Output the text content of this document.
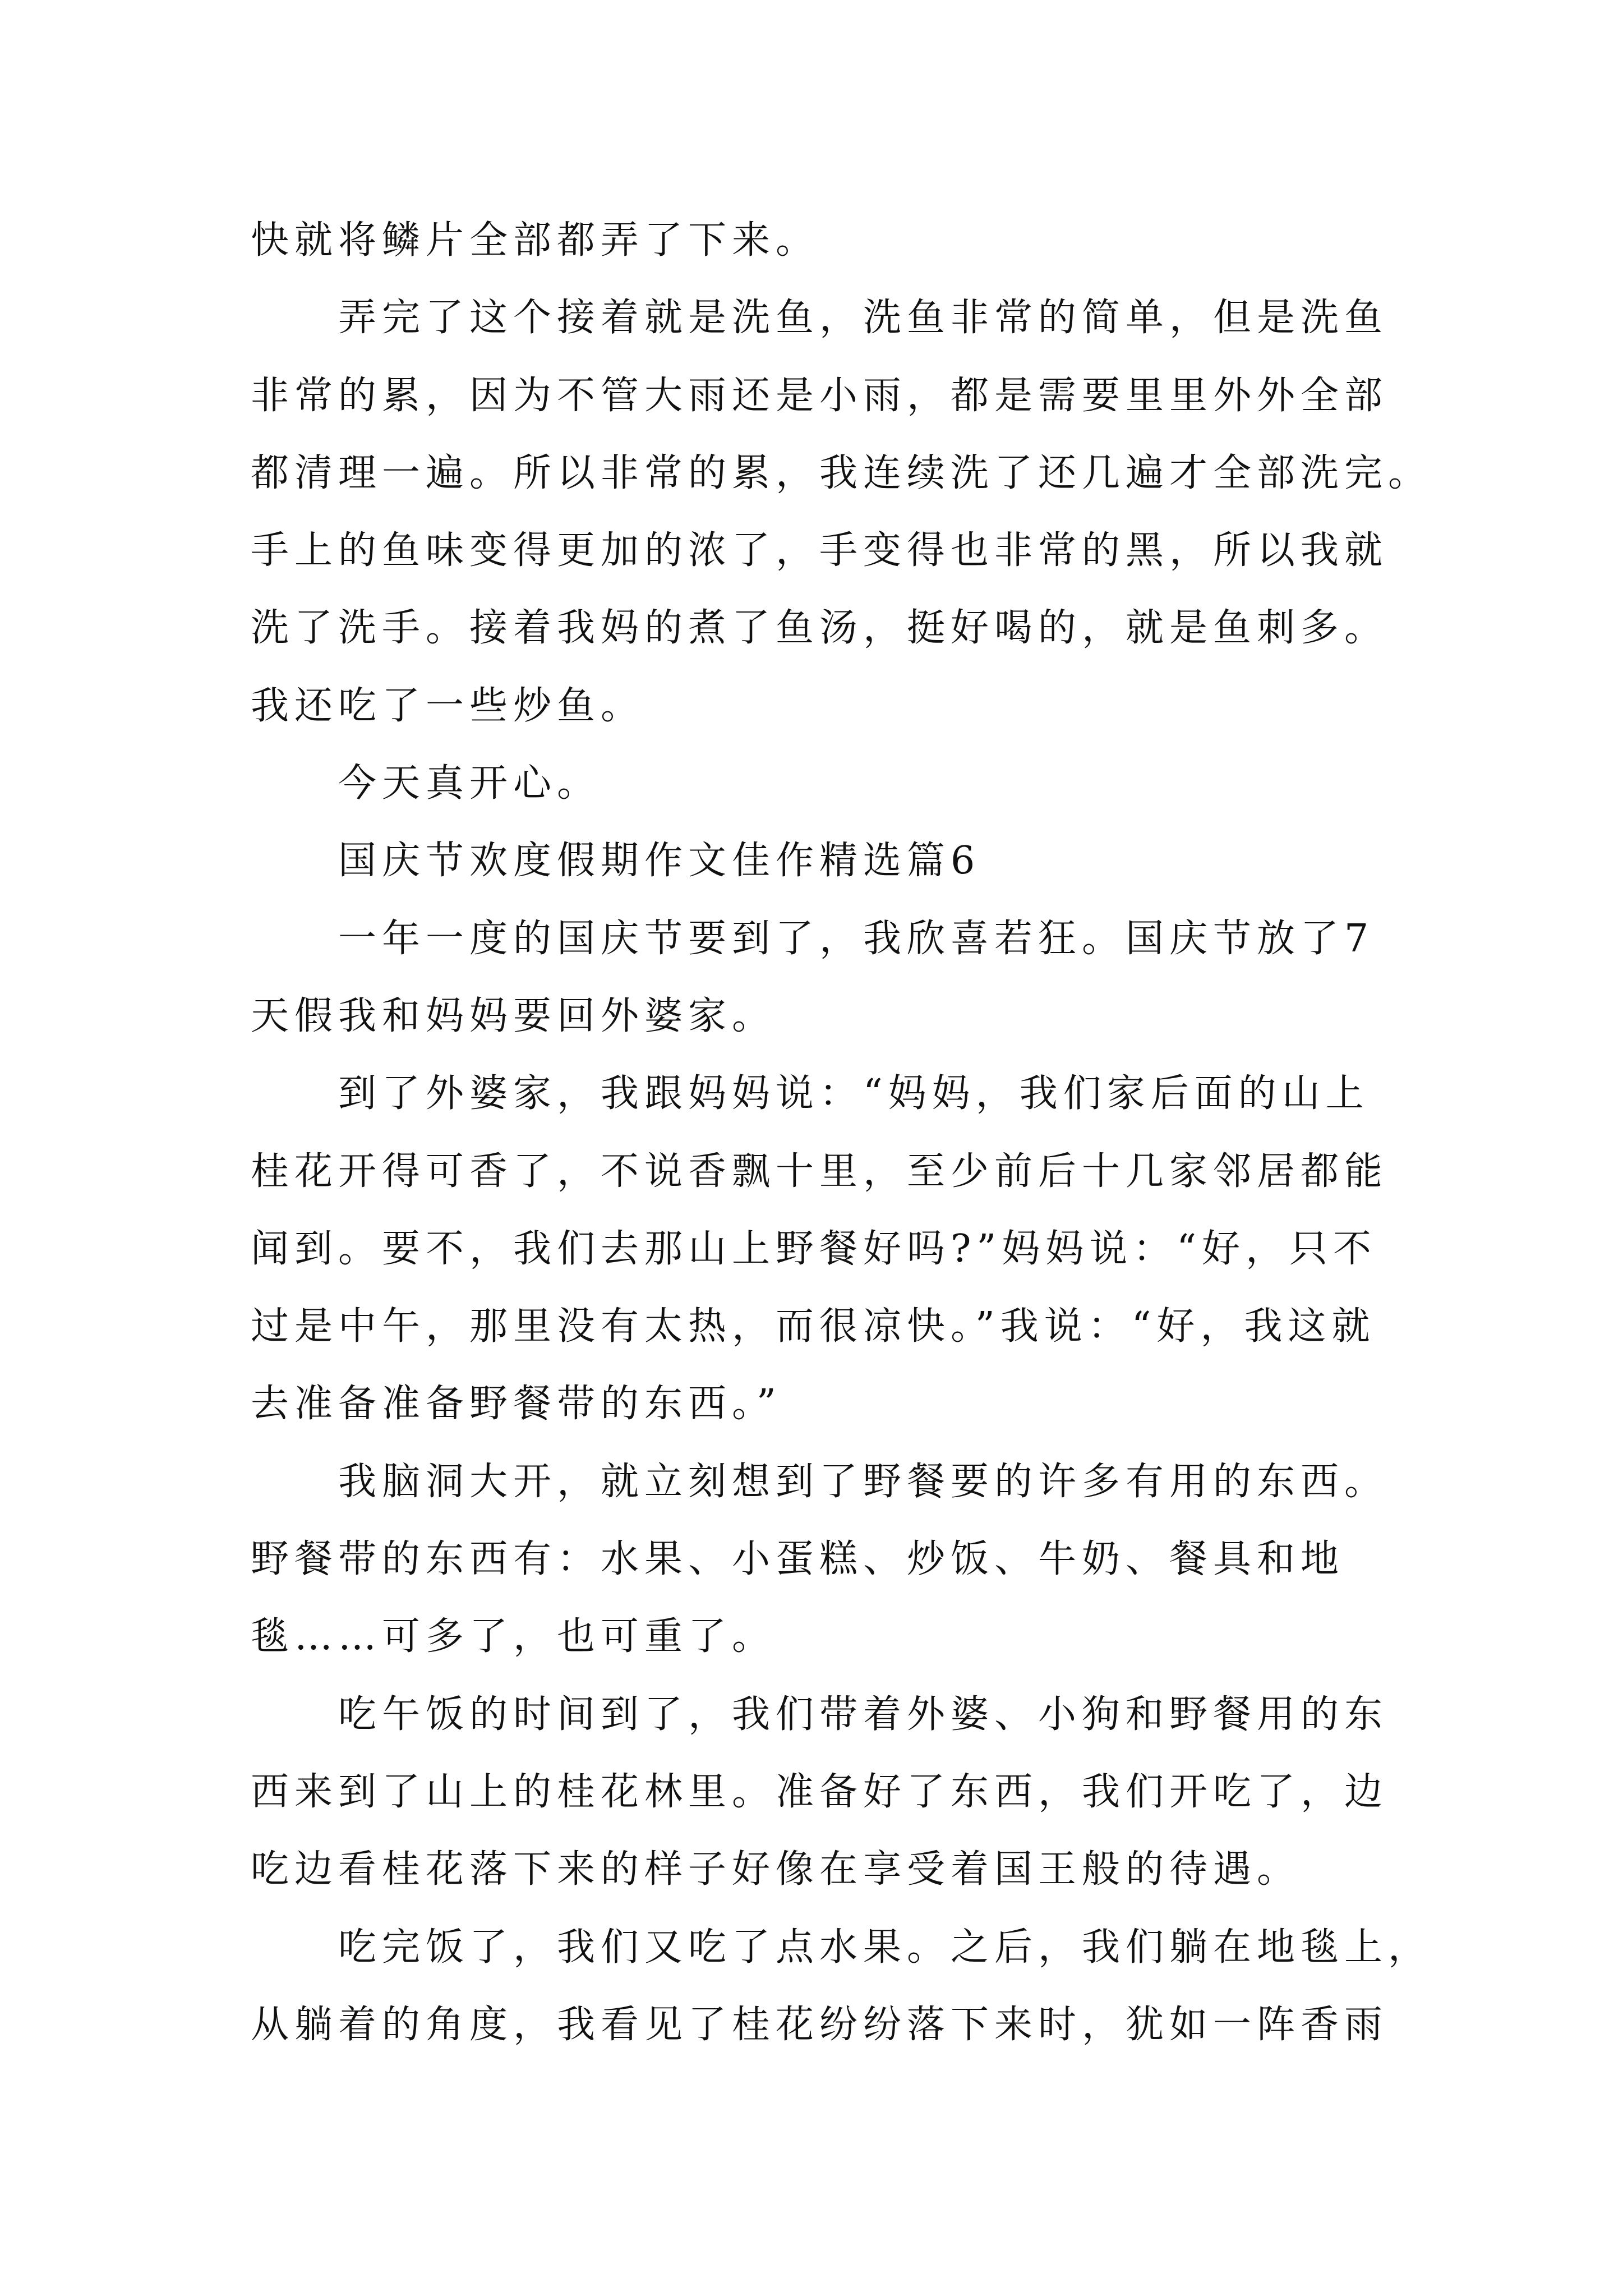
快就将鳞片全部都弄了下来。
弄完了这个接着就是洗鱼，洗鱼非常的简单，但是洗鱼
非常的累，因为不管大雨还是小雨，都是需要里里外外全部
都清理一遍。所以非常的累，我连续洗了还几遍才全部洗完。
手上的鱼味变得更加的浓了，手变得也非常的黑，所以我就
洗了洗手。接着我妈的煮了鱼汤，挺好喝的，就是鱼刺多。
我还吃了一些炒鱼。
今天真开心。
国庆节欢度假期作文佳作精选篇6
一年一度的国庆节要到了，我欣喜若狂。国庆节放了7
天假我和妈妈要回外婆家。
到了外婆家，我跟妈妈说：“妈妈，我们家后面的山上
桂花开得可香了，不说香飘十里，至少前后十几家邻居都能
闻到。要不，我们去那山上野餐好吗?”妈妈说：“好，只不
过是中午，那里没有太热，而很凉快。”我说：“好，我这就
去准备准备野餐带的东西。”
我脑洞大开，就立刻想到了野餐要的许多有用的东西。
野餐带的东西有：水果、小蛋糕、炒饭、牛奶、餐具和地
毯……可多了，也可重了。
吃午饭的时间到了，我们带着外婆、小狗和野餐用的东
西来到了山上的桂花林里。准备好了东西，我们开吃了，边
吃边看桂花落下来的样子好像在享受着国王般的待遇。
吃完饭了，我们又吃了点水果。之后，我们躺在地毯上，
从躺着的角度，我看见了桂花纷纷落下来时，犹如一阵香雨
